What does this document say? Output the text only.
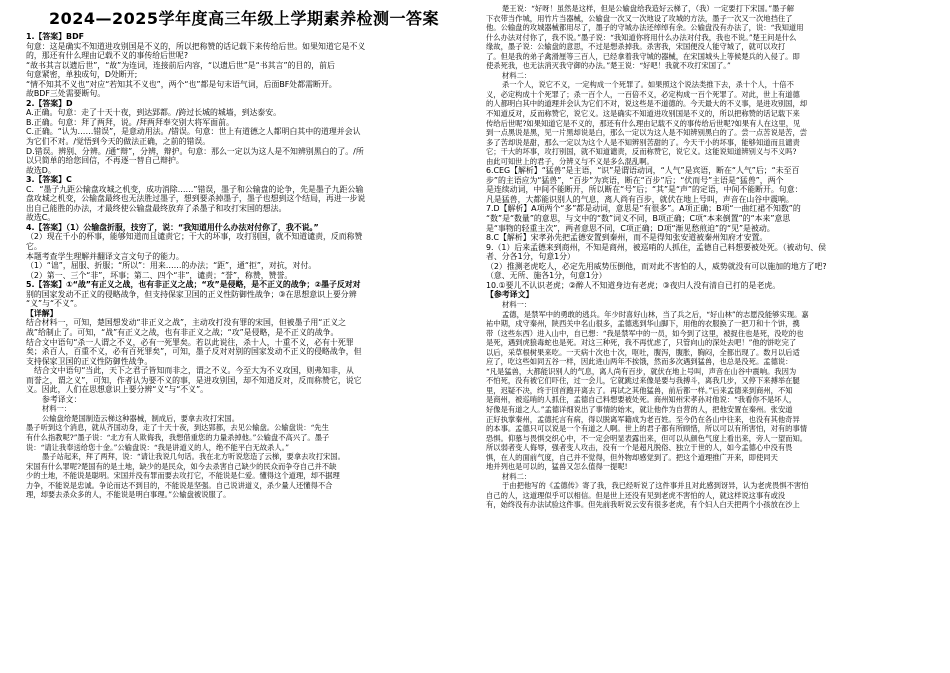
2024—2025学年度高三年级上学期素养检测一答案
1.【答案】BDF
句意：这是确实不知道进攻别国是不义的，所以把称赞的话记载下来传给后世。如果知道它是不义
的，那还有什么理由记载不义的事传给后世呢?
“故书其言以遗后世”，“故”为连词，连接前后内容，“以遗后世”是“书其言”的目的，前后
句意紧密，单独成句，D处断开;
“情不知其不义也”对应“若知其不义也”，两个“也”都是句末语气词，后面BF处都需断开。
故BDF三处需要断句。
2.【答案】D
A.正确。句意：走了十天十夜，到达郢都。/跨过长城的城墙，到达泰安。
B.正确。句意：拜了两拜，说。/拜两拜奉交别大将军面前。
C.正确。“认为……错误”，是意动用法。/错误。句意：世上有道德之人都明白其中的道理并会认
为它们不对。/觉悟到今天的做法正确，之前的错误。
D.错误。辨别、分辨。/通“辩”，分辨，辩护。句意：那么一定以为这人是不知辨别黑白的了。/所
以只简单的给您回信，不再逐一替自己辩护。
故选D。
3.【答案】C
C．“墨子九距公输盘攻城之机变，成功消除……”错误，墨子和公输盘的论争，先是墨子九距公输
盘攻城之机变，公输盘最终也无法胜过墨子，想到要杀掉墨子，墨子也想到这个结局，再进一步说
出自己能胜的办法，才最终使公输盘最终放弃了杀墨子和攻打宋国的想法。
故选C。
4.【答案】（1）公输盘折服，技穷了，说：“我知道用什么办法对付你了，我不说。”
（2）现在千小的杯事，能够知道而且谴责它；干大的坏事，攻打别国，就不知道谴责，反而称赞
它。
本题考查学生理解并翻译文言文句子的能力。
（1）“诎”，屈服、折服；“所以”：用来……的办法；“距”，通“拒”，对抗，对付。
（2）第一、三个“非”，坏事；第二、四个“非”，谴责；“誉”，称赞，赞誉。
5.【答案】①“战”有正义之战，也有非正义之战；“攻”是侵略，是不正义的战争；②墨子反对对
别的国家发动不正义的侵略战争，但支持保家卫国的正义性防御性战争；③在思想意识上要分辨
“义”与“不义”。
【详解】
结合材料一，可知，楚国想发动“非正义之战”，主动攻打没有罪的宋国，但被墨子用“正义之
战”给制止了。可知，“战”有正义之战，也有非正义之战；“攻”是侵略，是不正义的战争。
结合文中语句“杀一人谓之不义，必有一死罪矣。若以此说往，杀十人，十重不义，必有十死罪
矣；杀百人，百重不义，必有百死罪矣”，可知，墨子反对对别的国家发动不正义的侵略战争，但
支持保家卫国的正义性防御性战争。
结合文中语句“当此，天下之君子皆知而非之，谓之不义。今至大为不义攻国，则弗知非，从
而誉之，谓之义”，可知，作者认为要不义的事，是进攻别国，却不知道反对，反而称赞它，说它
义。因此，人们在思想意识上要分辨“义”与“不义”。
参考译文：
材料一：
公输盘给楚国制造云梯这种器械，制成后，要拿去攻打宋国。
墨子听到这个消息，就从齐国动身，走了十天十夜，到达郢都，去见公输盘。公输盘说：“先生
有什么指教呢?”墨子说：“北方有人欺侮我，我想借重您的力量杀掉他。”公输盘不高兴了。墨子
说：“请让我奉送给您十金。”公输盘说：“我是讲道义的人，绝不能平白无故杀人。”
墨子站起来，拜了两拜，说：“请让我说几句话。我在北方听说您造了云梯，要拿去攻打宋国。
宋国有什么罪呢?楚国有的是土地，缺少的是民众，如今去杀害自己缺少的民众而争夺自己并不缺
少的土地，不能说是聪明。宋国并没有罪而要去攻打它，不能说是仁爱。懂得这个道理，却不据理
力争，不能说是忠诚。争论而达不到目的，不能说是坚强。自己说讲道义，杀少量人还懂得不合
理，却要去杀众多的人，不能说是明白事理。”公输盘被说服了。
楚王说：“好呀！虽然是这样，但是公输盘给我造好云梯了，（我）一定要打下宋国。”墨子解
下衣带当作城，用竹片当器械，公输盘一次又一次地设了攻城的方法，墨子一次又一次地挡住了
他。公输盘的攻城器械都用尽了，墨子的守城办法还绰绰有余。公输盘没有办法了，说：“我知道用
什么办法对付你了，我不说。”墨子说：“我知道你将用什么办法对付我，我也不说。”楚王问是什么
缘故，墨子说：公输盘的意思，不过是想杀掉我。杀害我，宋国便没人能守城了，就可以攻打
了。但是我的弟子禽滑厘等三百人，已经拿着我守城的器械，在宋国城头上等候楚兵的入侵了。即
使杀死我，也无法消灭我守御的办法。”楚王说：“好吧！我就不攻打宋国了。”
材料二：
杀一个人，说它不义，一定构成一个死罪了。如果照这个说法类推下去，杀十个人，十倍不
义，必定构成十个死罪了；杀一百个人，一百倍不义，必定构成一百个死罪了。对此，世上有道德
的人都明白其中的道理并会认为它们不对，说这些是不道德的。今天最大的不义事，是进攻别国，却
不知道反对，反而称赞它，说它义。这是确实不知道进攻别国是不义的，所以把称赞的话记载下来
传给后世呢?如果知道它是不义的，那还有什么理由记载不义的事传给后世呢?如果有人在这里，见
到一点黑说是黑，见一片黑却说是白，那么一定以为这人是不知辨别黑白的了。尝一点苦说是苦，尝
多了苦却说是甜，那么一定以为这个人是不知辨别苦甜的了。今天干小的坏事，能够知道而且谴责
它；干大的坏事，攻打别国，就不知道谴责，反而称赞它，说它义。这能说知道辨别义与不义吗?
由此可知世上的君子，分辨义与不义是多么混乱啊。
6.CEG【解析】“猛兽”是主语，“识”是谓语动词，“人气”是宾语，断在“人气”后；“未至百
步”的主语应为“猛兽”，“百步”为宾语，断在“百步”后；“伏而号”主语是“猛兽”，两个
是连续动词，中间不能断开，所以断在“号”后；“其”是“声”的定语，中间不能断开。句意：
凡是猛兽，大都能识别人的气息，离人尚有百步，就伏在地上号叫，声音在山谷中震响。
7.D【解析】A项两个“多”都是动词，意思是“有很多”。A项正确；B项“一曲红裙不知数”的
“数”是“数量”的意思，与文中的“数”词义不同，B项正确；C项“本来倒置”的“本来”意思
是“事物的轻重主次”，两者意思不同，C项正确；D项“渐见愁煎迫”的“见”是被动。
8.C【解析】宋孝孙先把孟德安置到秦州，而不是得知张安道被秦州知府才安置。
9.（1）后来孟德来到商州，不知是商州，被巡哨的人抓住，孟德自己料想要被处死。（被动句、侯
者、分各1分，句意1分）
（2）推测老虎吃人，必定先用威势压倒他，而对此不害怕的人，威势就没有可以施加的地方了吧?
（意、无所、施各1分，句意1分）
10.①要儿不认识老虎；②醉人不知道身边有老虎；③夜归人没有清自已打的是老虎。
【参考译文】
材料一：
孟德，是禁军中的勇敢的逃兵。年少时喜好山林，当了兵之后，“好山林”的志愿没能够实现。嘉
祐中期，戍守秦州，陕西关中名山很多，孟德逃到华山脚下，用他的衣服换了一把刀和十个饼，携
带（这些东西）进入山中，自已想：“我是禁军中的一员，如今到了这里，被捉住也是死，没吃的也
是死，遇到虎狼毒蛇也是死。对这三种死，我不再忧虑了，只管向山的深处去吧！”他的饼吃完了
以后，采草根树果来吃。一天病十次也十次，呕吐，腹泻，腹胀，胸闷，全都出现了。数月以后适
应了，吃这些如同五谷一样，因此进山两年不挨饿，然而多次遇到猛兽，也总是没死。孟德说：
“凡是猛兽，大都能识别人的气息，离人尚有百步，就伏在地上号叫，声音在山谷中震响。我因为
不怕死，没有被它们吓住，过一会儿，它就跳过来像是要与我搏斗，离我几步，又停下来搏举在腿
里，迟疑不决，终于回首跑开离去了。再试之其他猛兽，前后都一样。”后来孟德来到商州，不知
是商州，被巡哨的人抓住，孟德自己料想要被处死。商州知州宋孝孙对他说：“我看你不是坏人，
好像是有道之人。”孟德详细说出了事情的始末，就让他作为自营的人，把他安置在秦州。张安道
正好执掌秦州，孟德托言有病，得以脱离军籍成为老百姓。至今仍在各山中往来，也没有其他奇异
的本事。孟德只可以说是一个有道之人啊。世上的君子都有所顾惜，所以可以有所害怕，对有的事情
恐惧。仰慕与畏惧交织心中，不一定会明显表露出来，但可以从颜色气度上看出来，旁人一望而知。
所以弱者变人侮辱，强者变人攻击，没有一个是超凡脱俗、独立于世的人，如今孟德心中没有畏
惧，在人的面前气度，自己并不觉得，但外物却感觉到了。把这个道理推广开来，即使同天
地并列也是可以的，猛兽又怎么值得一提呢!
材料二：
于由把他写的《孟德传》寄了我，我已经听说了这件事并且对此感到讶异，认为老虎畏惧不害怕
自己的人，这道理似乎可以相信。但是世上还没有见到老虎不害怕的人，就这样说这事有或没
有，始终没有办法试验这件事。但先前我听说云安有很多老虎，有个妇人白天把两个小孩放在沙上
